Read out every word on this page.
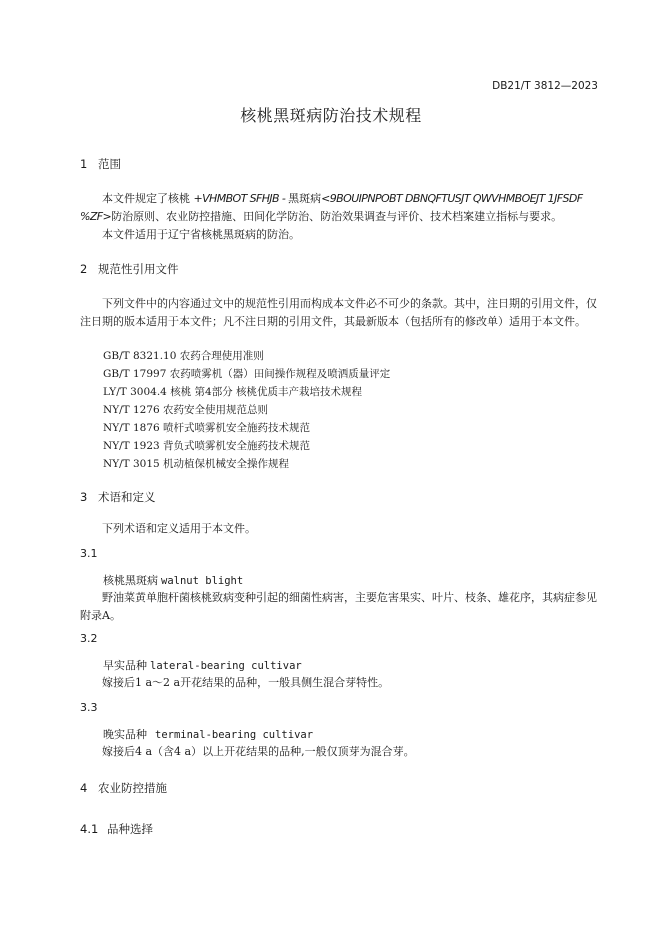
DB21/T 3812—2023
核桃黑斑病防治技术规程
1 范围
本文件规定了核桃 +VHMBOT SFHJB - 黑斑病<9BOUIPNPOBT DBNQFTUSJT QWVHMBOEJT 1JFSDF %ZF>防治原则、农业防控措施、田间化学防治、防治效果调查与评价、技术档案建立指标与要求。
本文件适用于辽宁省核桃黑斑病的防治。
2 规范性引用文件
下列文件中的内容通过文中的规范性引用而构成本文件必不可少的条款。其中，注日期的引用文件，仅注日期的版本适用于本文件；凡不注日期的引用文件，其最新版本（包括所有的修改单）适用于本文件。
GB/T 8321.10 农药合理使用准则
GB/T 17997 农药喷雾机（器）田间操作规程及喷洒质量评定
LY/T 3004.4 核桃 第4部分 核桃优质丰产栽培技术规程
NY/T 1276 农药安全使用规范总则
NY/T 1876 喷杆式喷雾机安全施药技术规范
NY/T 1923 背负式喷雾机安全施药技术规范
NY/T 3015 机动植保机械安全操作规程
3 术语和定义
下列术语和定义适用于本文件。
3.1
核桃黑斑病 walnut blight
野油菜黄单胞杆菌核桃致病变种引起的细菌性病害，主要危害果实、叶片、枝条、雄花序，其病症参见附录A。
3.2
早实品种 lateral-bearing cultivar
嫁接后1 a～2 a开花结果的品种，一般具侧生混合芽特性。
3.3
晚实品种 terminal-bearing cultivar
嫁接后4 a（含4 a）以上开花结果的品种,一般仅顶芽为混合芽。
4 农业防控措施
4.1 品种选择
